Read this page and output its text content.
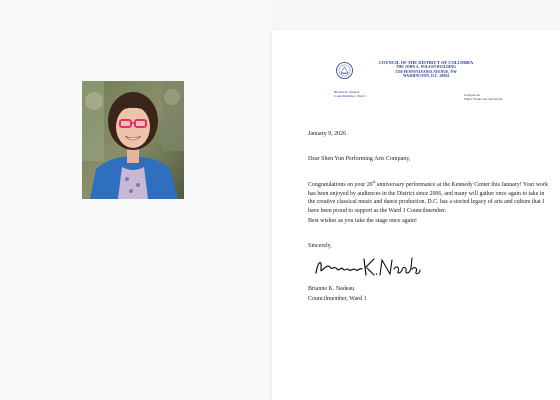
COUNCIL OF THE DISTRICT OF COLUMBIA
THE JOHN A. WILSON BUILDING
1350 PENNSYLVANIA AVENUE, NW
WASHINGTON, D.C. 20004
Brianne K. Nadeau
Councilmember, Ward 1	Chairperson
Public Works and Operations
January 9, 2026
Dear Shen Yun Performing Arts Company,
Congratulations on your 20th anniversary performance at the Kennedy Center this January! Your work has been enjoyed by audiences in the District since 2006, and many will gather once again to take in the creative classical music and dance production. D.C. has a storied legacy of arts and culture that I have been proud to support as the Ward 1 Councilmember.
Best wishes as you take the stage once again!
Sincerely,
Brianne K. Nadeau
Councilmember, Ward 1
